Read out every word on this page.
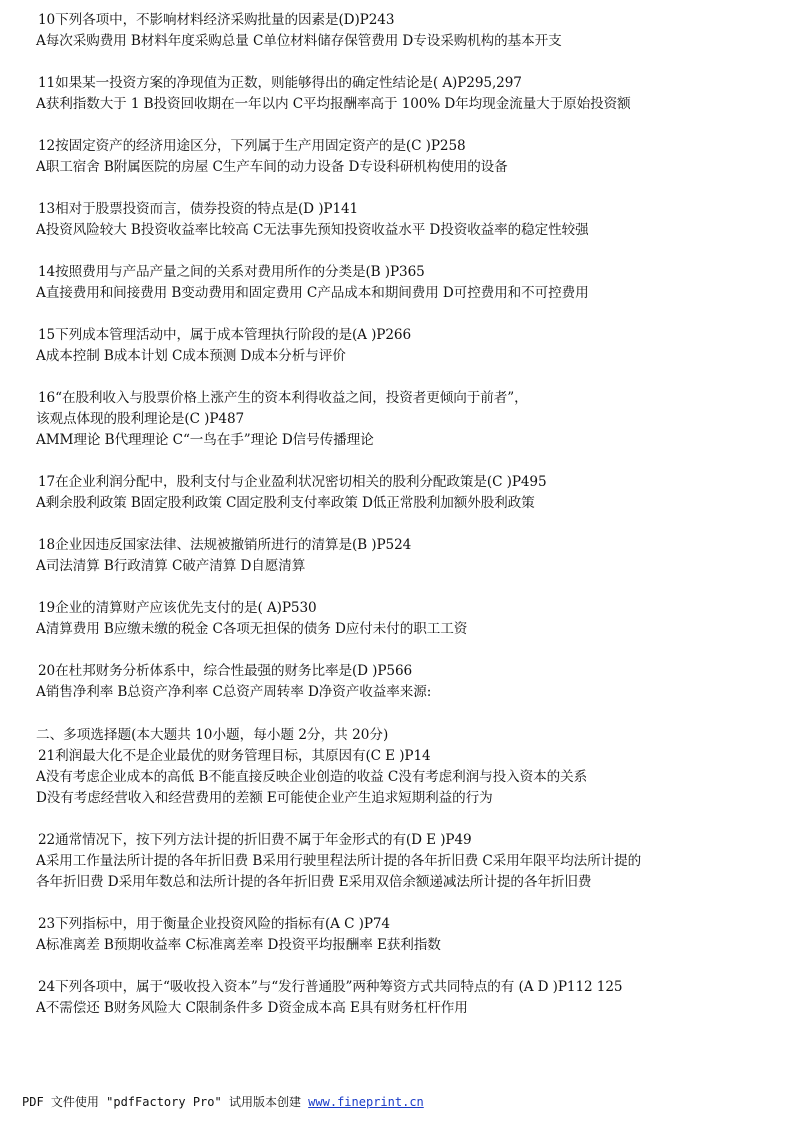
10下列各项中，不影响材料经济采购批量的因素是(D)P243
A每次采购费用 B材料年度采购总量 C单位材料储存保管费用 D专设采购机构的基本开支
11如果某一投资方案的净现值为正数，则能够得出的确定性结论是( A)P295,297
A获利指数大于 1 B投资回收期在一年以内 C平均报酬率高于 100% D年均现金流量大于原始投资额
12按固定资产的经济用途区分，下列属于生产用固定资产的是(C )P258
A职工宿舍 B附属医院的房屋 C生产车间的动力设备 D专设科研机构使用的设备
13相对于股票投资而言，债券投资的特点是(D )P141
A投资风险较大 B投资收益率比较高 C无法事先预知投资收益水平 D投资收益率的稳定性较强
14按照费用与产品产量之间的关系对费用所作的分类是(B )P365
A直接费用和间接费用 B变动费用和固定费用 C产品成本和期间费用 D可控费用和不可控费用
15下列成本管理活动中，属于成本管理执行阶段的是(A )P266
A成本控制 B成本计划 C成本预测 D成本分析与评价
16“在股利收入与股票价格上涨产生的资本利得收益之间，投资者更倾向于前者”，
该观点体现的股利理论是(C )P487
AMM理论 B代理理论 C“一鸟在手”理论 D信号传播理论
17在企业利润分配中，股利支付与企业盈利状况密切相关的股利分配政策是(C )P495
A剩余股利政策 B固定股利政策 C固定股利支付率政策 D低正常股利加额外股利政策
18企业因违反国家法律、法规被撤销所进行的清算是(B )P524
A司法清算 B行政清算 C破产清算 D自愿清算
19企业的清算财产应该优先支付的是( A)P530
A清算费用 B应缴未缴的税金 C各项无担保的债务 D应付未付的职工工资
20在杜邦财务分析体系中，综合性最强的财务比率是(D )P566
A销售净利率 B总资产净利率 C总资产周转率 D净资产收益率来源:
二、多项选择题(本大题共 10小题，每小题 2分，共 20分)
21利润最大化不是企业最优的财务管理目标，其原因有(C E )P14
A没有考虑企业成本的高低 B不能直接反映企业创造的收益 C没有考虑利润与投入资本的关系
D没有考虑经营收入和经营费用的差额 E可能使企业产生追求短期利益的行为
22通常情况下，按下列方法计提的折旧费不属于年金形式的有(D E )P49
A采用工作量法所计提的各年折旧费 B采用行驶里程法所计提的各年折旧费 C采用年限平均法所计提的
各年折旧费 D采用年数总和法所计提的各年折旧费 E采用双倍余额递减法所计提的各年折旧费
23下列指标中，用于衡量企业投资风险的指标有(A C )P74
A标准离差 B预期收益率 C标准离差率 D投资平均报酬率 E获利指数
24下列各项中，属于“吸收投入资本”与“发行普通股”两种筹资方式共同特点的有 (A D )P112 125
A不需偿还 B财务风险大 C限制条件多 D资金成本高 E具有财务杠杆作用
PDF 文件使用 "pdfFactory Pro" 试用版本创建 www.fineprint.cn
